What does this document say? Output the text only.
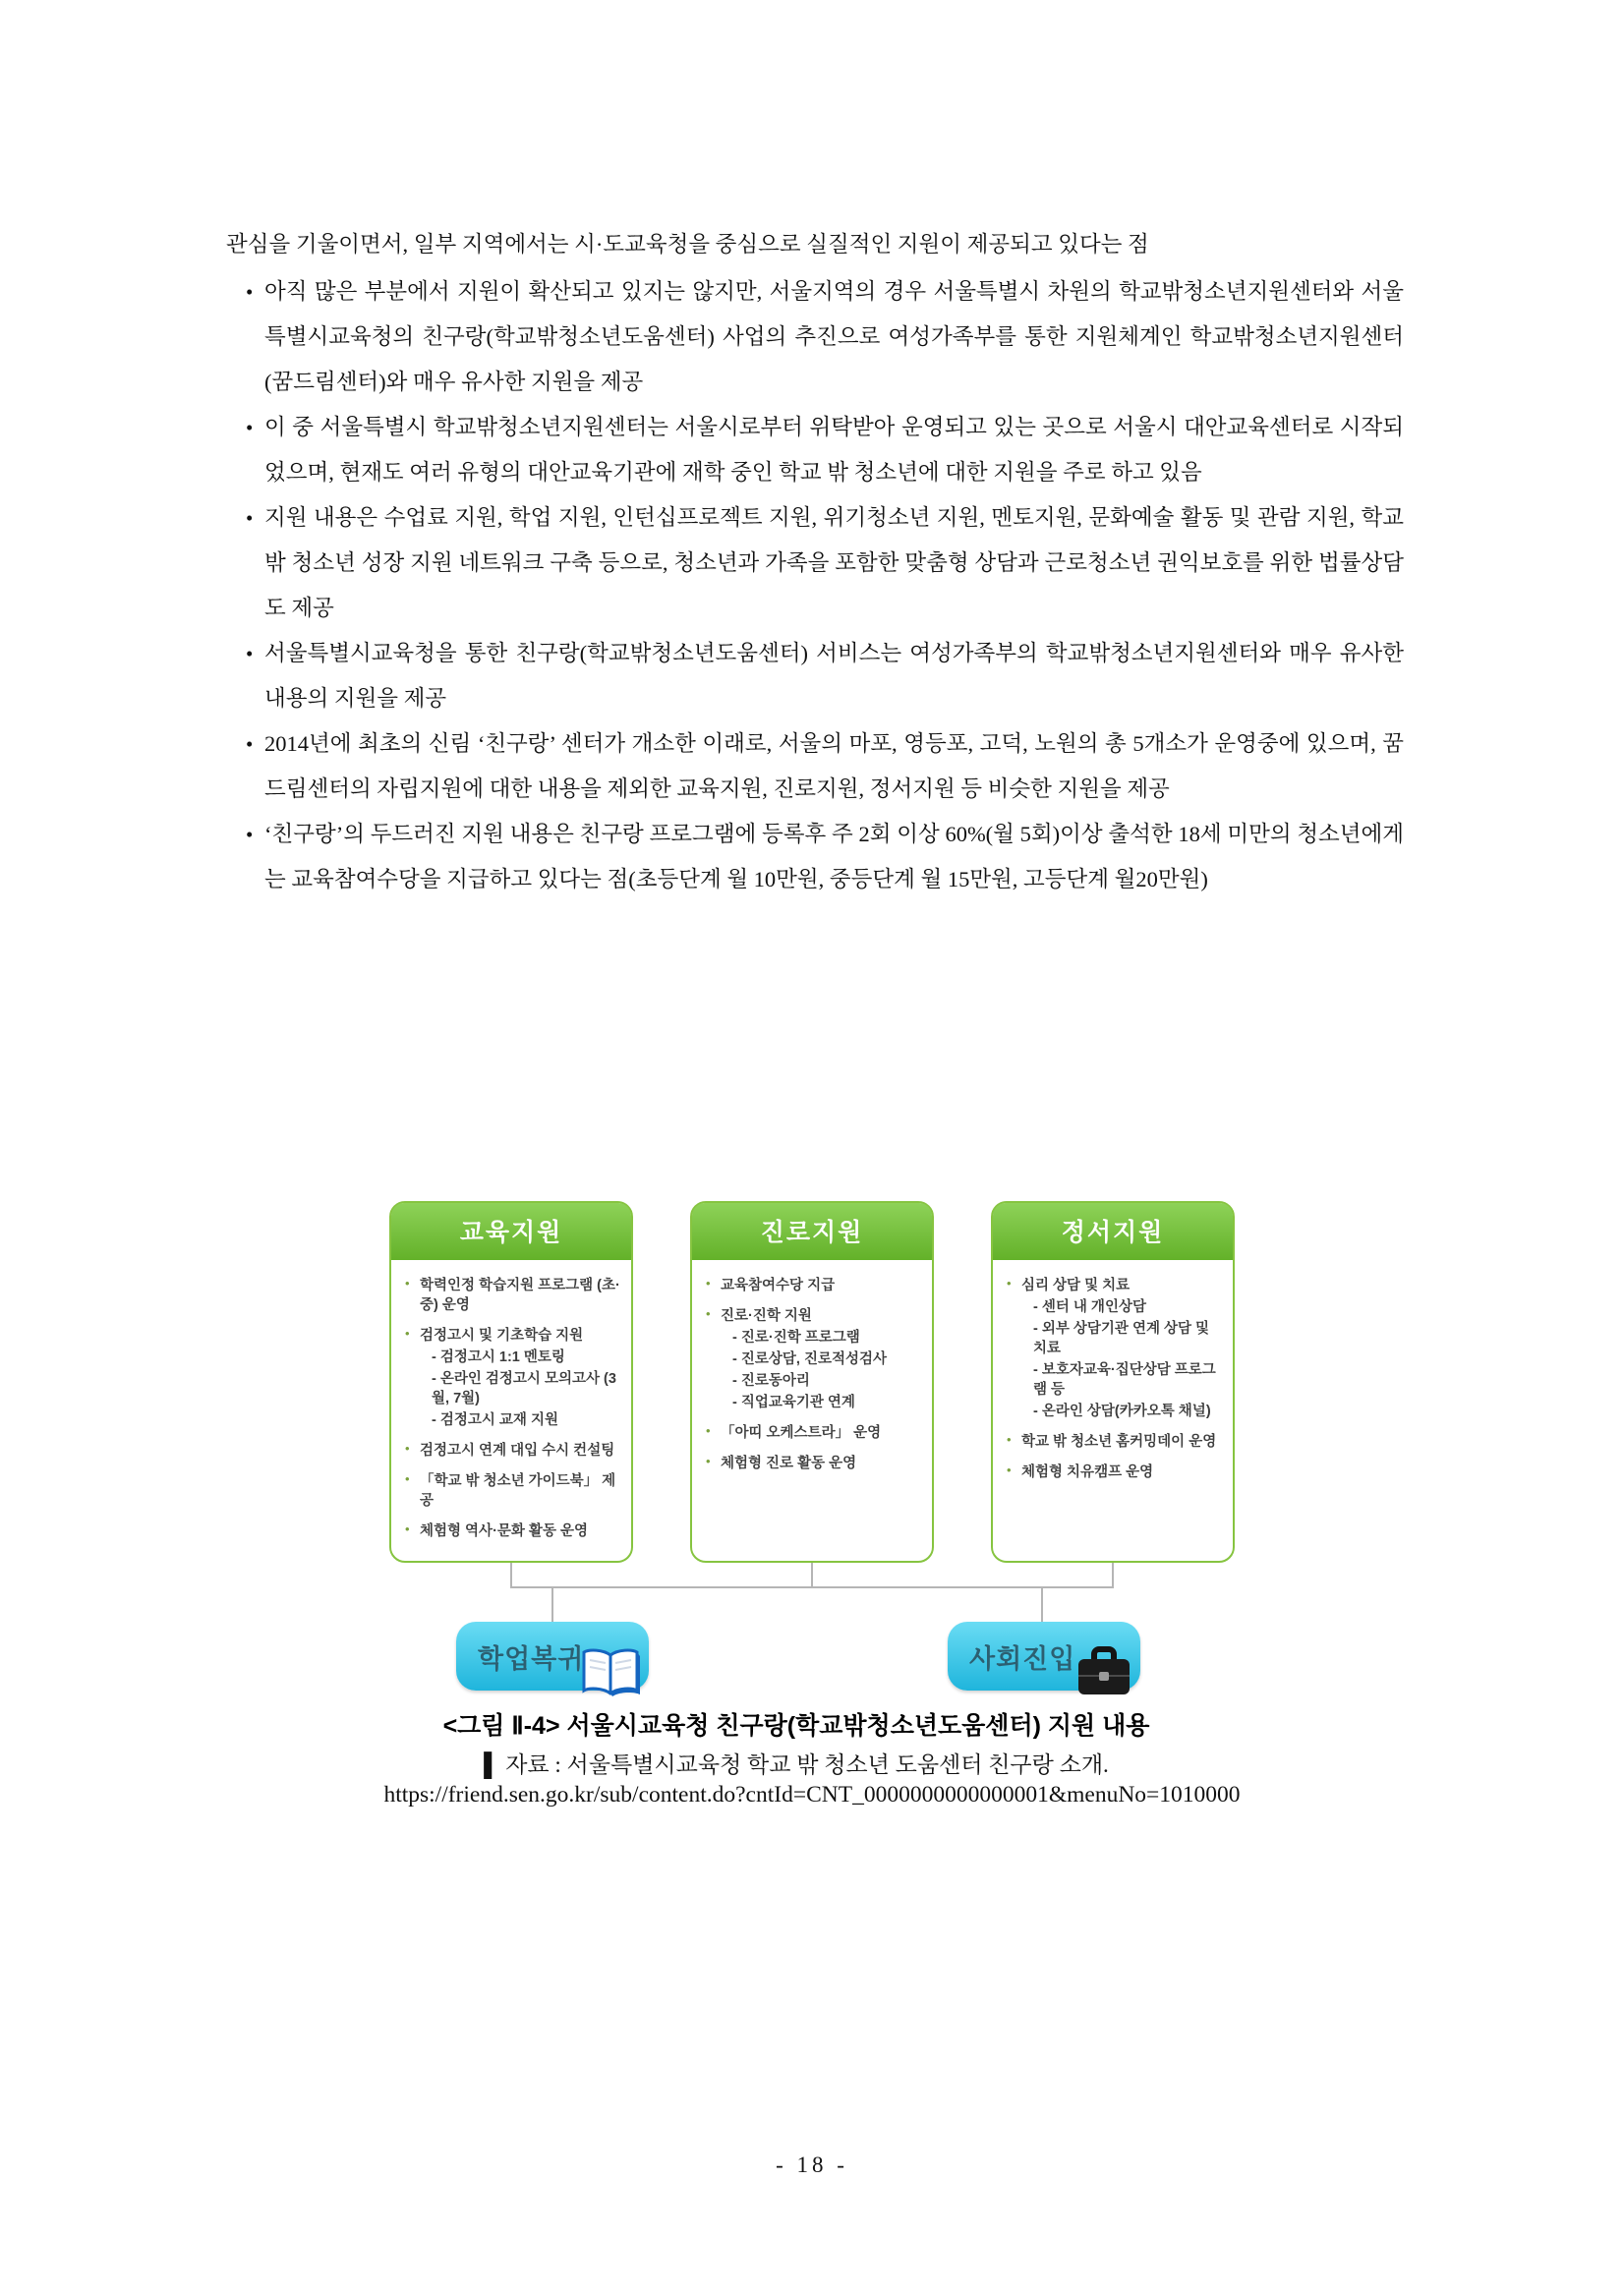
관심을 기울이면서, 일부 지역에서는 시·도교육청을 중심으로 실질적인 지원이 제공되고 있다는 점

• 아직 많은 부분에서 지원이 확산되고 있지는 않지만, 서울지역의 경우 서울특별시 차원의 학교밖청소년지원센터와 서울특별시교육청의 친구랑(학교밖청소년도움센터) 사업의 추진으로 여성가족부를 통한 지원체계인 학교밖청소년지원센터(꿈드림센터)와 매우 유사한 지원을 제공
• 이 중 서울특별시 학교밖청소년지원센터는 서울시로부터 위탁받아 운영되고 있는 곳으로 서울시 대안교육센터로 시작되었으며, 현재도 여러 유형의 대안교육기관에 재학 중인 학교 밖 청소년에 대한 지원을 주로 하고 있음
• 지원 내용은 수업료 지원, 학업 지원, 인턴십프로젝트 지원, 위기청소년 지원, 멘토지원, 문화예술 활동 및 관람 지원, 학교 밖 청소년 성장 지원 네트워크 구축 등으로, 청소년과 가족을 포함한 맞춤형 상담과 근로청소년 권익보호를 위한 법률상담도 제공
• 서울특별시교육청을 통한 친구랑(학교밖청소년도움센터) 서비스는 여성가족부의 학교밖청소년지원센터와 매우 유사한 내용의 지원을 제공
• 2014년에 최초의 신림 ‘친구랑’ 센터가 개소한 이래로, 서울의 마포, 영등포, 고덕, 노원의 총 5개소가 운영중에 있으며, 꿈드림센터의 자립지원에 대한 내용을 제외한 교육지원, 진로지원, 정서지원 등 비슷한 지원을 제공
• ‘친구랑’의 두드러진 지원 내용은 친구랑 프로그램에 등록후 주 2회 이상 60%(월 5회)이상 출석한 18세 미만의 청소년에게는 교육참여수당을 지급하고 있다는 점(초등단계 월 10만원, 중등단계 월 15만원, 고등단계 월20만원)
교육지원
• 학력인정 학습지원 프로그램 (초·중) 운영
• 검정고시 및 기초학습 지원
- 검정고시 1:1 멘토링
- 온라인 검정고시 모의고사 (3월, 7월)
- 검정고시 교재 지원
• 검정고시 연계 대입 수시 컨설팅
• 「학교 밖 청소년 가이드북」 제공
• 체험형 역사·문화 활동 운영
진로지원
• 교육참여수당 지급
• 진로·진학 지원
- 진로·진학 프로그램
- 진로상담, 진로적성검사
- 진로동아리
- 직업교육기관 연계
• 「아띠 오케스트라」 운영
• 체험형 진로 활동 운영
정서지원
• 심리 상담 및 치료
- 센터 내 개인상담
- 외부 상담기관 연계 상담 및 치료
- 보호자교육·집단상담 프로그램 등
- 온라인 상담(카카오톡 채널)
• 학교 밖 청소년 홈커밍데이 운영
• 체험형 치유캠프 운영
학업복귀	사회진입

<그림 Ⅱ-4> 서울시교육청 친구랑(학교밖청소년도움센터) 지원 내용

▌ 자료 : 서울특별시교육청 학교 밖 청소년 도움센터 친구랑 소개.

https://friend.sen.go.kr/sub/content.do?cntId=CNT_0000000000000001&menuNo=1010000

- 18 -
